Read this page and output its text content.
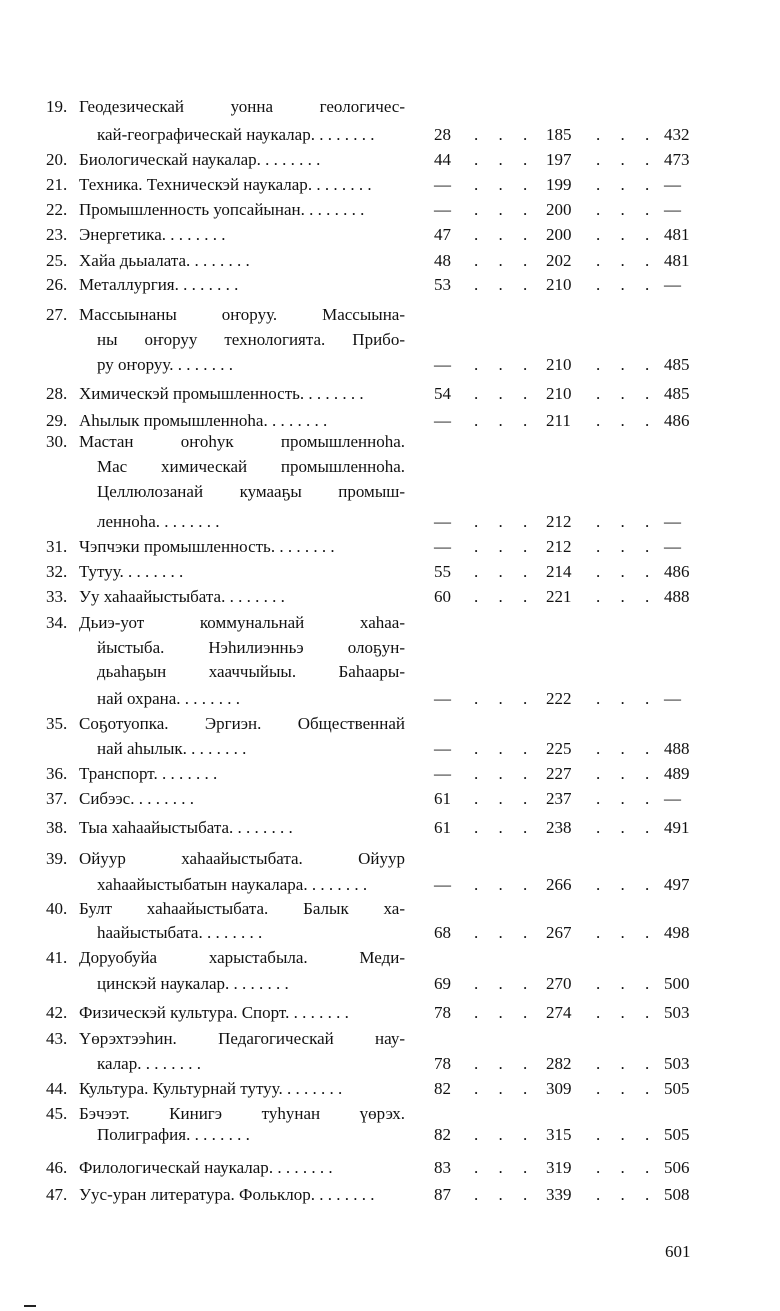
19. Геодезическай уонна геологичес-
кай-географическай наукалар. . . . . . . .	28	. . . 185	. . . 432
20. Биологическай наукалар. . . . . . . .	44	. . . 197	. . . 473
21. Техника. Техническэй наукалар. . . . . . . .	—	. . . 199	. . . —
22. Промышленность уопсайынан. . . . . . . .	—	. . . 200	. . . —
23. Энергетика. . . . . . . .	47	. . . 200	. . . 481
25. Хайа дьыалата. . . . . . . .	48	. . . 202	. . . 481
26. Металлургия. . . . . . . .	53	. . . 210	. . . —
27. Массыынаны оҥоруу. Массыына-
ны оҥоруу технологията. Прибо-
ру оҥоруу. . . . . . . .	—	. . . 210	. . . 485
28. Химическэй промышленность. . . . . . . .	54	. . . 210	. . . 485
29. Аһылык промышленноһа. . . . . . . .	—	. . . 211	. . . 486
30. Мастан оҥоһук промышленноһа.
Мас химическай промышленноһа.
Целлюлозанай кумааҕы промыш-
ленноһа. . . . . . . .	—	. . . 212	. . . —
31. Чэпчэки промышленность. . . . . . . .	—	. . . 212	. . . —
32. Тутуу. . . . . . . .	55	. . . 214	. . . 486
33. Уу хаһаайыстыбата. . . . . . . .	60	. . . 221	. . . 488
34. Дьиэ-уот коммунальнай хаһаа-
йыстыба. Нэһилиэнньэ олоҕун-
дьаһаҕын хааччыйыы. Баһаары-
най охрана. . . . . . . .	—	. . . 222	. . . —
35. Соҕотуопка. Эргиэн. Общественнай
най аһылык. . . . . . . .	—	. . . 225	. . . 488
36. Транспорт. . . . . . . .	—	. . . 227	. . . 489
37. Сибээс. . . . . . . .	61	. . . 237	. . . —
38. Тыа хаһаайыстыбата. . . . . . . .	61	. . . 238	. . . 491
39. Ойуур хаһаайыстыбата. Ойуур
хаһаайыстыбатын наукалара. . . . . . . .	—	. . . 266	. . . 497
40. Булт хаһаайыстыбата. Балык ха-
һаайыстыбата. . . . . . . .	68	. . . 267	. . . 498
41. Доруобуйа харыстабыла. Меди-
цинскэй наукалар. . . . . . . .	69	. . . 270	. . . 500
42. Физическэй культура. Спорт. . . . . . . .	78	. . . 274	. . . 503
43. Үөрэхтээһин. Педагогическай нау-
калар. . . . . . . .	78	. . . 282	. . . 503
44. Культура. Культурнай тутуу. . . . . . . .	82	. . . 309	. . . 505
45. Бэчээт. Кинигэ туһунан үөрэх.
Полиграфия. . . . . . . .	82	. . . 315	. . . 505
46. Филологическай наукалар. . . . . . . .	83	. . . 319	. . . 506
47. Уус-уран литература. Фольклор. . . . . . . .	87	. . . 339	. . . 508
601
